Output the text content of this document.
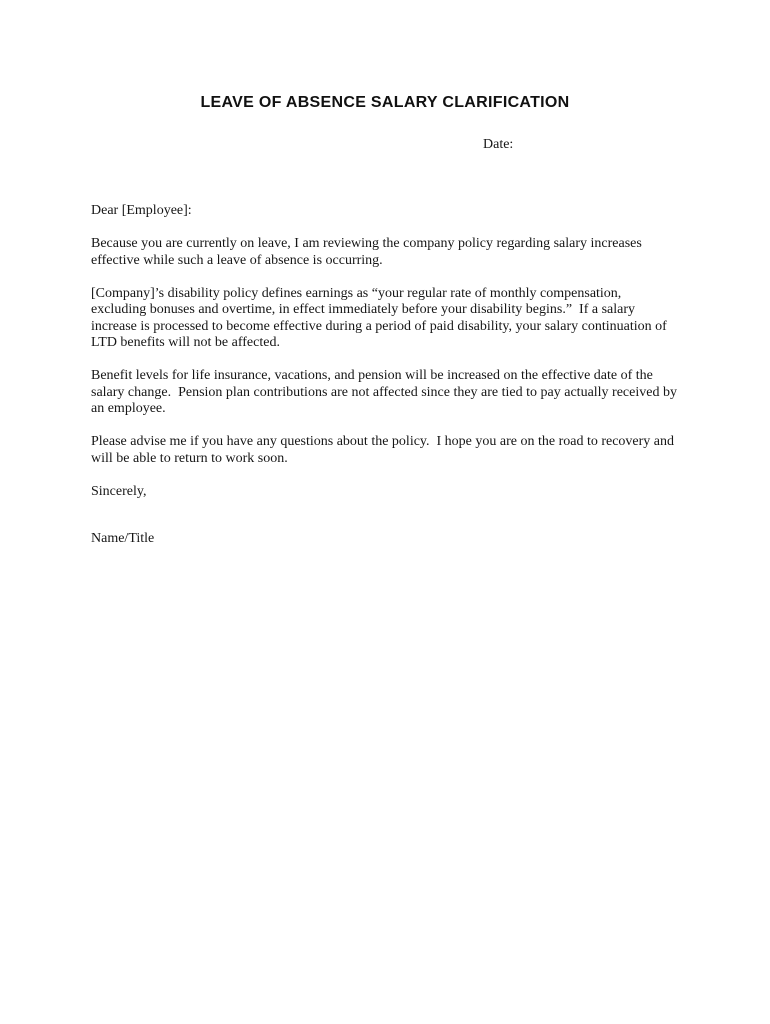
LEAVE OF ABSENCE SALARY CLARIFICATION
Date:
Dear [Employee]:

Because you are currently on leave, I am reviewing the company policy regarding salary increases effective while such a leave of absence is occurring.

[Company]’s disability policy defines earnings as “your regular rate of monthly compensation, excluding bonuses and overtime, in effect immediately before your disability begins.”  If a salary increase is processed to become effective during a period of paid disability, your salary continuation of LTD benefits will not be affected.

Benefit levels for life insurance, vacations, and pension will be increased on the effective date of the salary change.  Pension plan contributions are not affected since they are tied to pay actually received by an employee.

Please advise me if you have any questions about the policy.  I hope you are on the road to recovery and will be able to return to work soon.

Sincerely,
Name/Title
